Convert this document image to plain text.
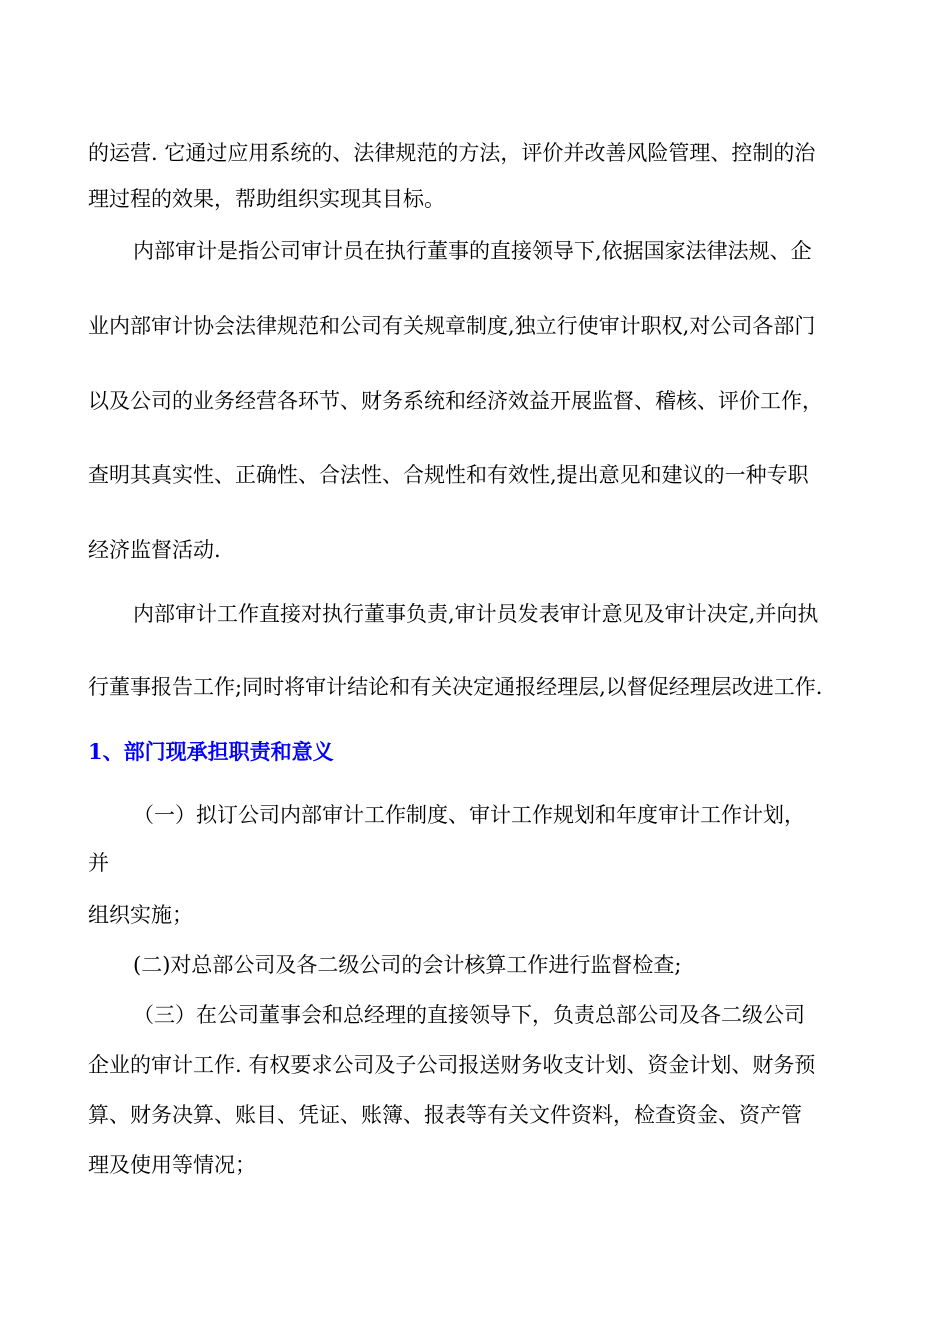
的运营. 它通过应用系统的、法律规范的方法，评价并改善风险管理、控制的治
理过程的效果，帮助组织实现其目标。
内部审计是指公司审计员在执行董事的直接领导下,依据国家法律法规、企
业内部审计协会法律规范和公司有关规章制度,独立行使审计职权,对公司各部门
以及公司的业务经营各环节、财务系统和经济效益开展监督、稽核、评价工作，
查明其真实性、正确性、合法性、合规性和有效性,提出意见和建议的一种专职
经济监督活动.
内部审计工作直接对执行董事负责,审计员发表审计意见及审计决定,并向执
行董事报告工作;同时将审计结论和有关决定通报经理层,以督促经理层改进工作.
1、部门现承担职责和意义
（一）拟订公司内部审计工作制度、审计工作规划和年度审计工作计划，
并
组织实施；
(二)对总部公司及各二级公司的会计核算工作进行监督检查;
（三）在公司董事会和总经理的直接领导下，负责总部公司及各二级公司
企业的审计工作. 有权要求公司及子公司报送财务收支计划、资金计划、财务预
算、财务决算、账目、凭证、账簿、报表等有关文件资料，检查资金、资产管
理及使用等情况；
